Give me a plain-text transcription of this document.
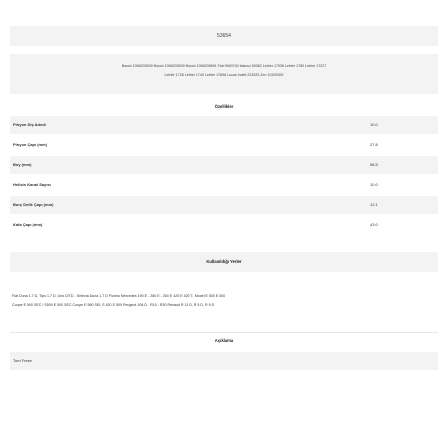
53654
Bosch 1006209539 Bosch 1006209539 Bosch 1006209691 Fiat 9940740 Italcoci 50062 Letrier 17038 Letrier 1780 Letrier 17227
Letrier 1728 Letrier 1740 Letrier 17698 Lucas Indiel 222525 Zen 10109300
Özellikler
Pinyon Diş Adedi	10.0
Pinyon Çapı (mm)	27.8
Boy (mm)	58.5
Helisin Kanal Sayısı	10.0
Burç Delik Çapı (mm)	12.1
Kafa Çapı (mm)	43.0
Kullanıldığı Yerler
Fiat Duna 1.7 D, Tipo 1.7 D, Uno D/TD - Selecta Duna 1.7 D Florino Mercedes 190 E - 260 E - 300 E 420 E 420 T- Model E 500 E 500
Coupe E 500 SEC / S500 E 500 SEC Coupe E 560 SEL S 420 S 500 Peugeot 106 D - R10 - R30 Renault R 11 D, R 5 D, R 9 D
Açıklama
Tom Freze
